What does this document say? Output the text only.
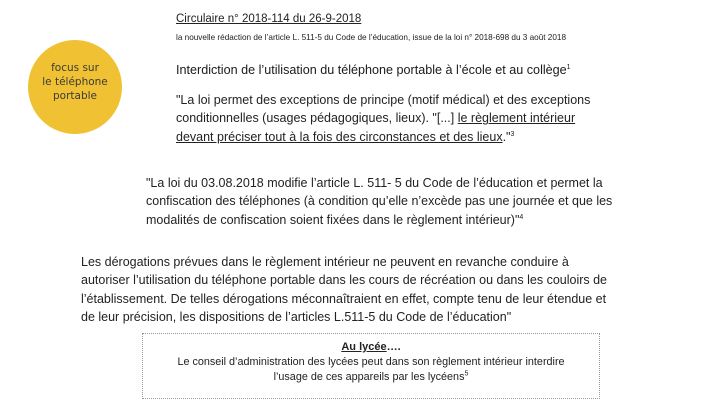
Circulaire n° 2018-114 du 26-9-2018
la nouvelle rédaction de l’article L. 511-5 du Code de l’éducation, issue de la loi n° 2018-698 du 3 août 2018
focus sur
le téléphone
portable
Interdiction de l’utilisation du téléphone portable à l’école et au collège$^1$
"La loi permet des exceptions de principe (motif médical) et des exceptions
conditionnelles (usages pédagogiques, lieux). "[...] le règlement intérieur
devant préciser tout à la fois des circonstances et des lieux."$^3$
"La loi du 03.08.2018 modifie l’article L. 511- 5 du Code de l’éducation et permet la
confiscation des téléphones (à condition qu’elle n’excède pas une journée et que les
modalités de confiscation soient fixées dans le règlement intérieur)"$^4$
Les dérogations prévues dans le règlement intérieur ne peuvent en revanche conduire à
autoriser l’utilisation du téléphone portable dans les cours de récréation ou dans les couloirs de
l’établissement. De telles dérogations méconnaîtraient en effet, compte tenu de leur étendue et
de leur précision, les dispositions de l’articles L.511-5 du Code de l’éducation"
Au lycée….
Le conseil d’administration des lycées peut dans son règlement intérieur interdire
l’usage de ces appareils par les lycéens$^5$
